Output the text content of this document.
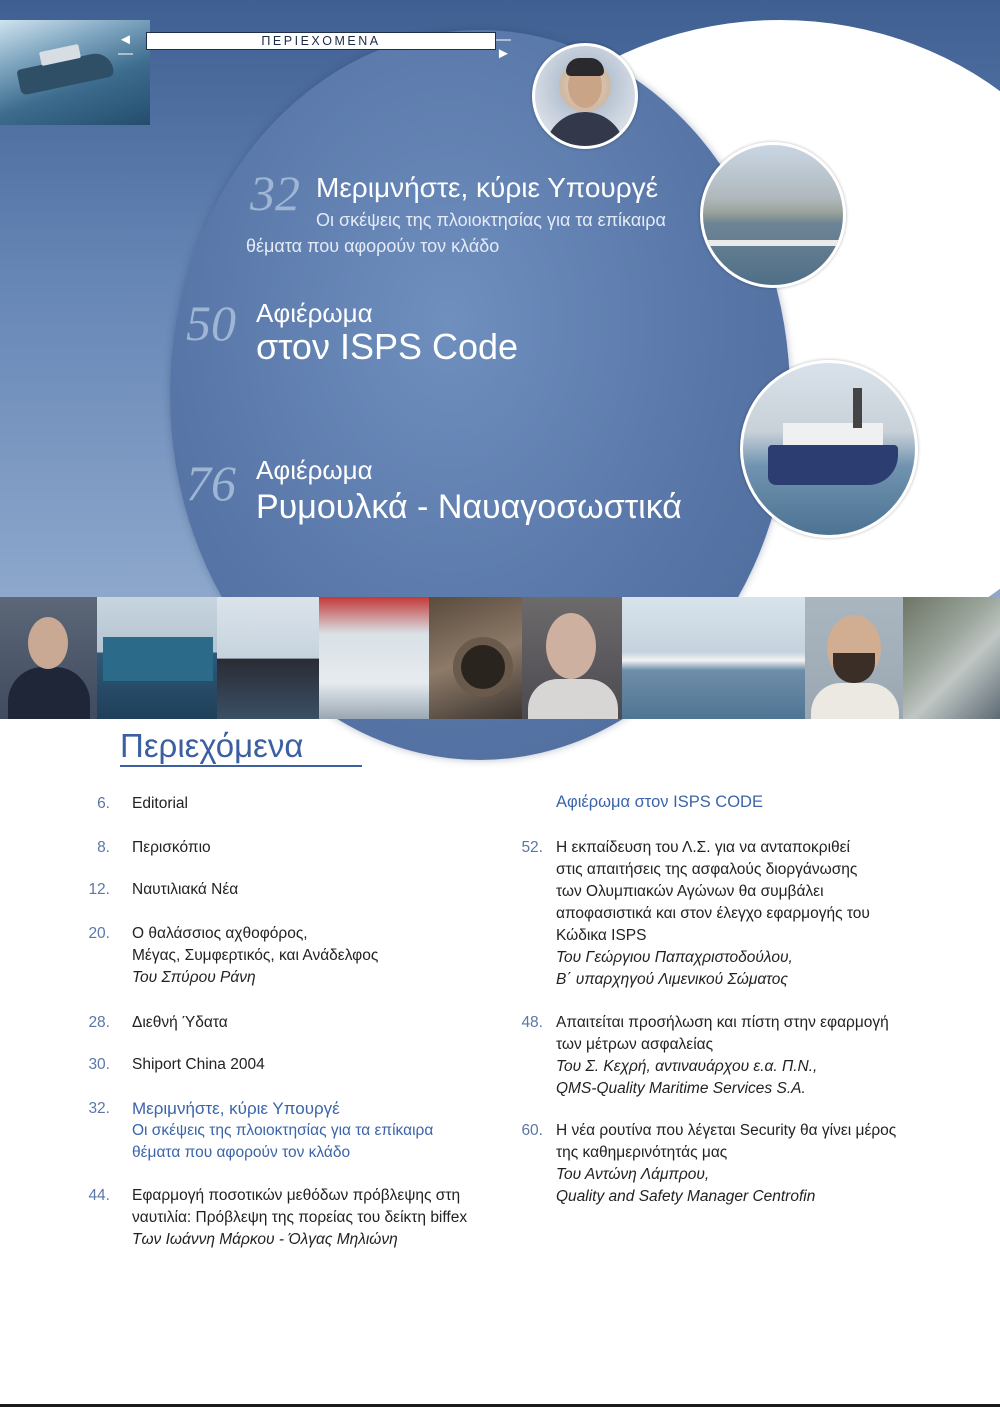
◄—
ΠΕΡΙΕΧΟΜΕΝΑ	—►
32 Μεριμνήστε, κύριε Υπουργέ
Οι σκέψεις της πλοιοκτησίας για τα επίκαιρα
θέματα που αφορούν τον κλάδο
50 Αφιέρωμα
στον ISPS Code
76 Αφιέρωμα
Ρυμουλκά - Ναυαγοσωστικά
Περιεχόμενα
6. Editorial
8. Περισκόπιο
12. Ναυτιλιακά Νέα
20. Ο θαλάσσιος αχθοφόρος,
Μέγας, Συμφερτικός, και Ανάδελφος
Του Σπύρου Ράνη
28. Διεθνή Ύδατα
30. Shiport China 2004
32. Μεριμνήστε, κύριε Υπουργέ
Οι σκέψεις της πλοιοκτησίας για τα επίκαιρα
θέματα που αφορούν τον κλάδο
44. Εφαρμογή ποσοτικών μεθόδων πρόβλεψης στη
ναυτιλία: Πρόβλεψη της πορείας του δείκτη biffex
Των Ιωάννη Μάρκου - Όλγας Μηλιώνη
Αφιέρωμα στον ISPS CODE
52. Η εκπαίδευση του Λ.Σ. για να ανταποκριθεί
στις απαιτήσεις της ασφαλούς διοργάνωσης
των Ολυμπιακών Αγώνων θα συμβάλει
αποφασιστικά και στον έλεγχο εφαρμογής του
Κώδικα ISPS
Του Γεώργιου Παπαχριστοδούλου,
Β΄ υπαρχηγού Λιμενικού Σώματος
48. Απαιτείται προσήλωση και πίστη στην εφαρμογή
των μέτρων ασφαλείας
Του Σ. Κεχρή, αντιναυάρχου ε.α. Π.Ν.,
QMS-Quality Maritime Services S.A.
60. Η νέα ρουτίνα που λέγεται Security θα γίνει μέρος
της καθημερινότητάς μας
Του Αντώνη Λάμπρου,
Quality and Safety Manager Centrofin
